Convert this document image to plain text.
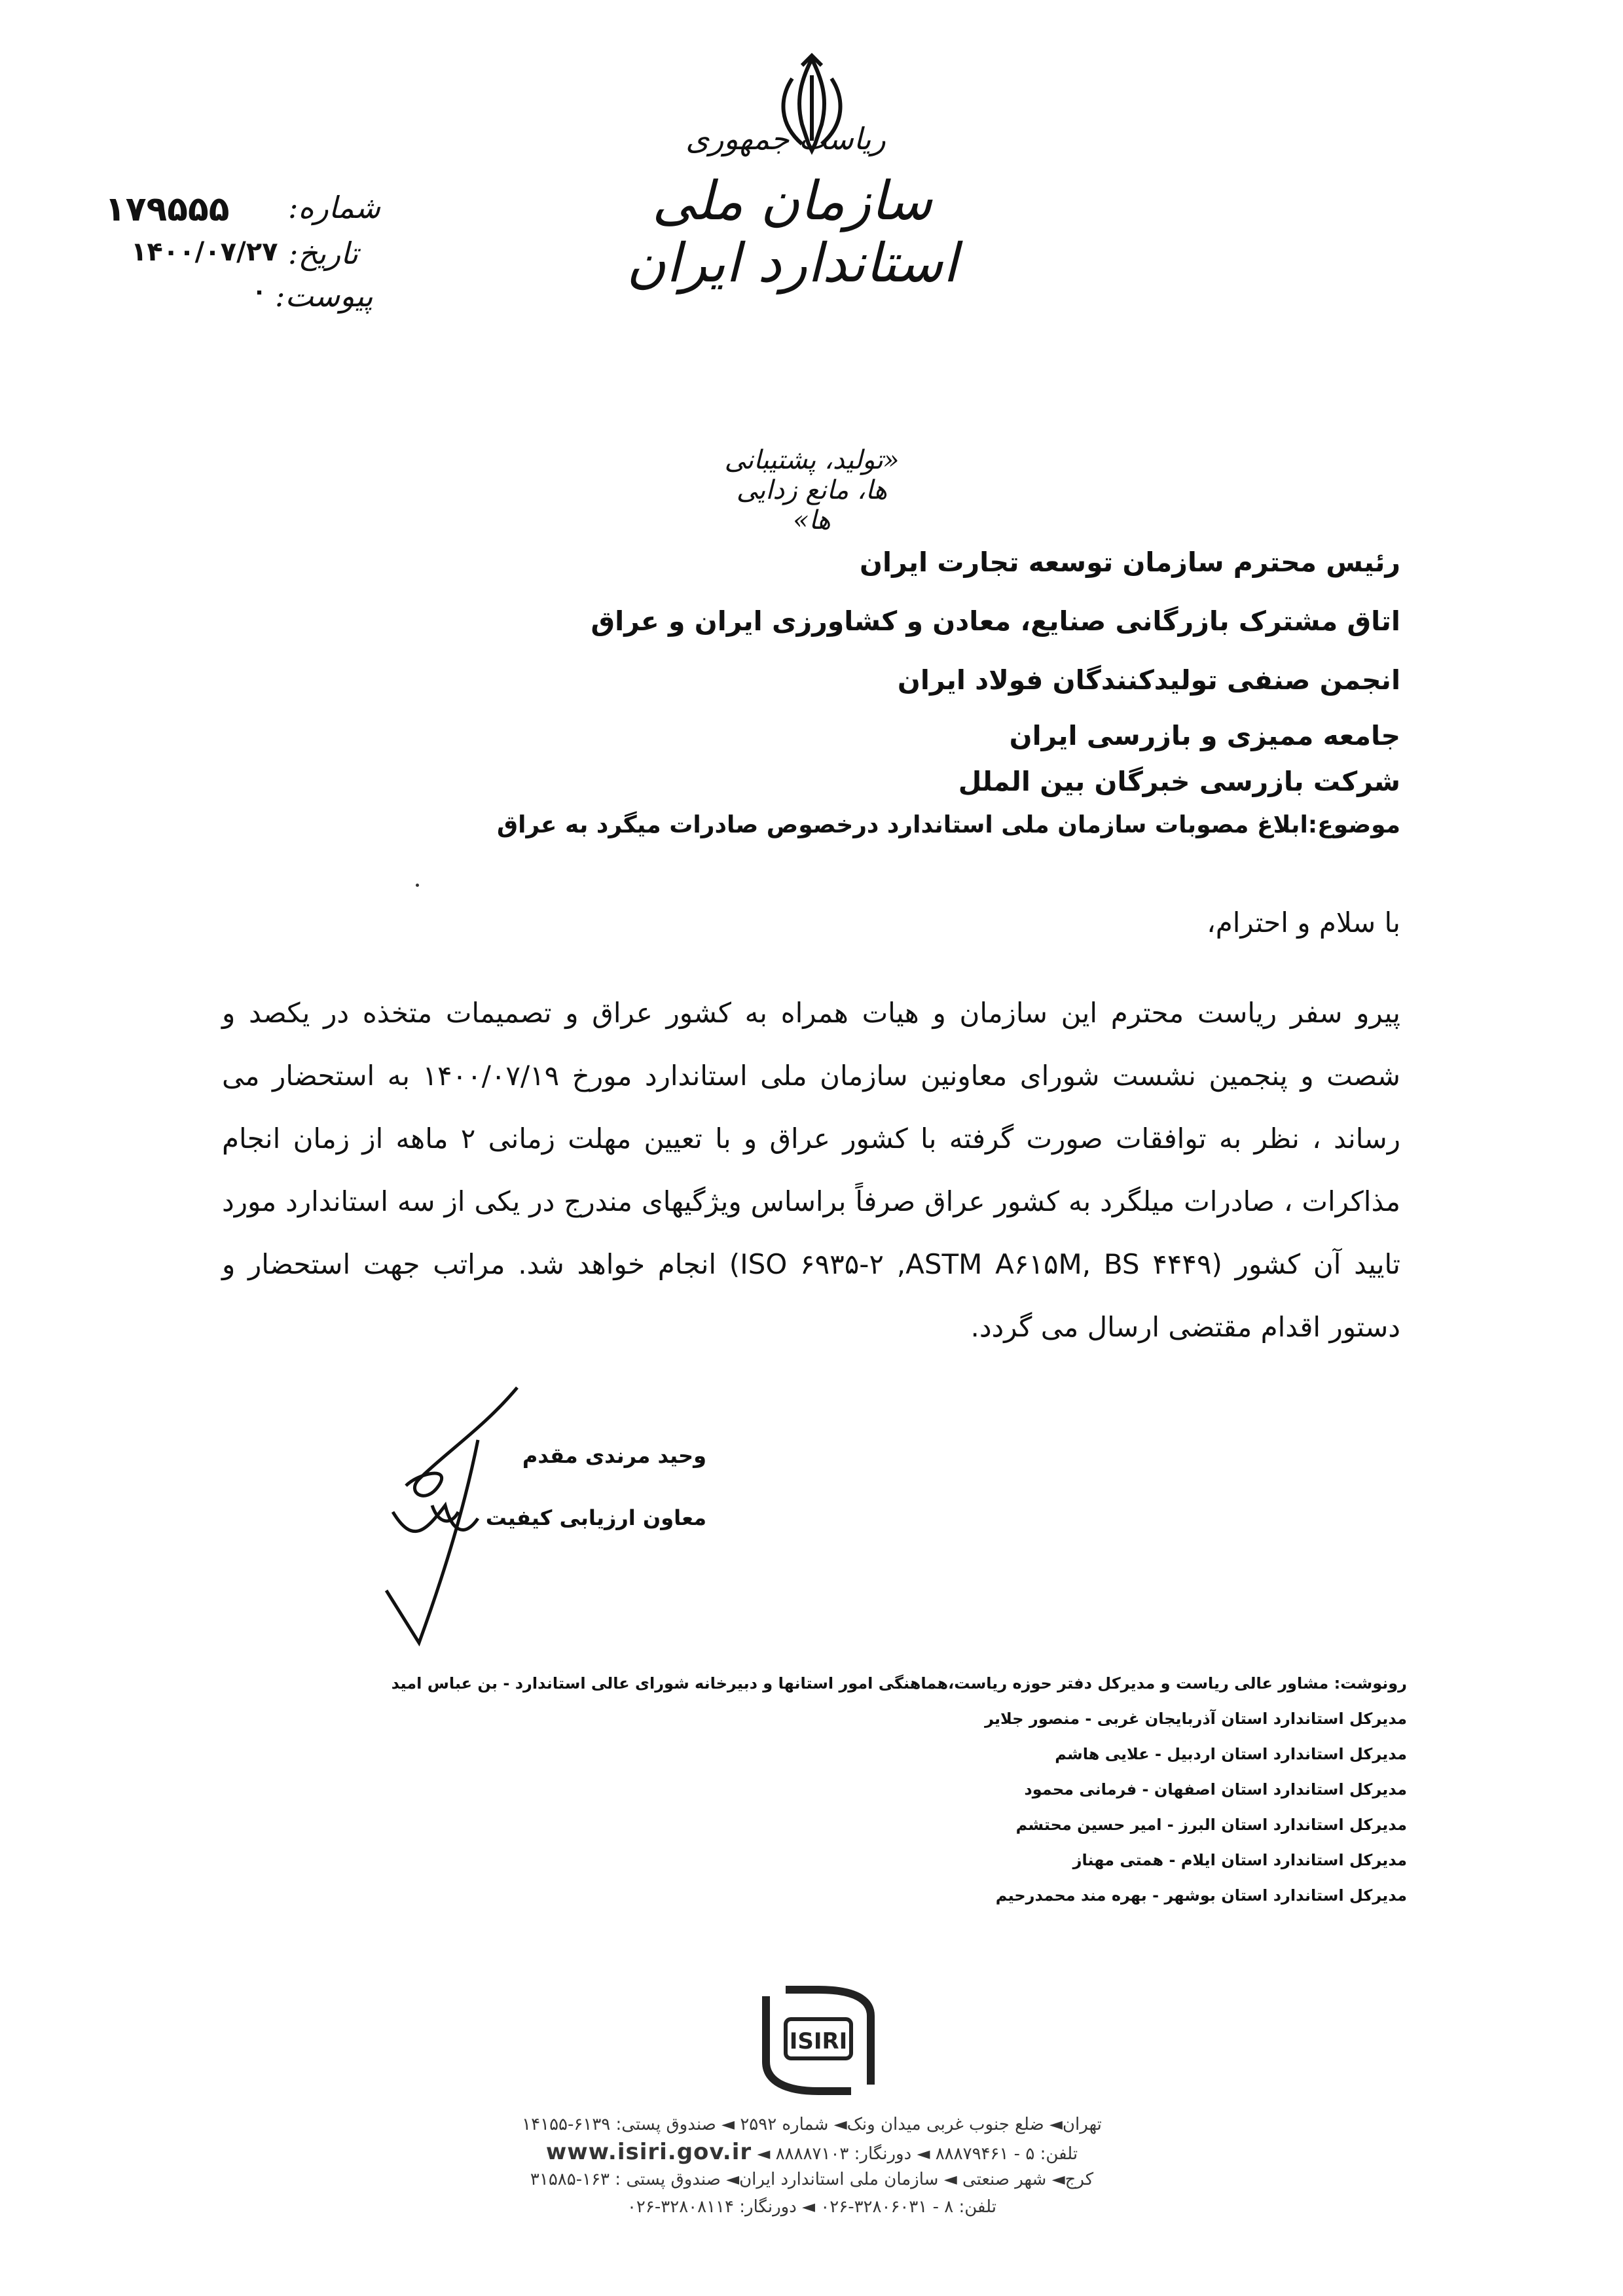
ریاست جمهوری
سازمان ملی استاندارد ایران
شماره:
۱۷۹۵۵۵
تاریخ:
۱۴۰۰/۰۷/۲۷
پیوست:
۰
«تولید، پشتیبانی ها، مانع زدایی ها»
رئیس محترم سازمان توسعه تجارت ایران
اتاق مشترک بازرگانی صنایع، معادن و کشاورزی ایران و عراق
انجمن صنفی تولیدکنندگان فولاد ایران
جامعه ممیزی و بازرسی ایران
شرکت بازرسی خبرگان بین الملل
موضوع:ابلاغ مصوبات سازمان ملی استاندارد درخصوص صادرات میگرد به عراق
با سلام و احترام،
پیرو سفر ریاست محترم این سازمان و هیات همراه به کشور عراق و تصمیمات متخذه در یکصد و شصت و پنجمین نشست شورای معاونین سازمان ملی استاندارد مورخ ۱۴۰۰/۰۷/۱۹ به استحضار می رساند ، نظر به توافقات صورت گرفته با کشور عراق و با تعیین مهلت زمانی ۲ ماهه از زمان انجام مذاکرات ، صادرات میلگرد به کشور عراق صرفاً براساس ویژگیهای مندرج در یکی از سه استاندارد مورد تایید آن کشور (ISO ۶۹۳۵-۲ ,ASTM A۶۱۵M, BS ۴۴۴۹) انجام خواهد شد. مراتب جهت استحضار و دستور اقدام مقتضی ارسال می گردد.
وحید مرندی مقدم
معاون ارزیابی کیفیت
رونوشت: مشاور عالی ریاست و مدیرکل دفتر حوزه ریاست،هماهنگی امور استانها و دبیرخانه شورای عالی استاندارد - بن عباس امید
مدیرکل استاندارد استان آذربایجان غربی - منصور جلایر
مدیرکل استاندارد استان اردبیل - علایی هاشم
مدیرکل استاندارد استان اصفهان - فرمانی محمود
مدیرکل استاندارد استان البرز - امیر حسین محتشم
مدیرکل استاندارد استان ایلام - همتی مهناز
مدیرکل استاندارد استان بوشهر - بهره مند محمدرحیم
ISIRI
تهران◄ ضلع جنوب غربی میدان ونک◄ شماره ۲۵۹۲ ◄ صندوق پستی: ۶۱۳۹-۱۴۱۵۵
تلفن: ۵ - ۸۸۸۷۹۴۶۱ ◄ دورنگار: ۸۸۸۸۷۱۰۳ ◄ www.isiri.gov.ir
کرج◄ شهر صنعتی ◄ سازمان ملی استاندارد ایران◄ صندوق پستی : ۱۶۳-۳۱۵۸۵
تلفن: ۸ - ۳۲۸۰۶۰۳۱-۰۲۶ ◄ دورنگار: ۳۲۸۰۸۱۱۴-۰۲۶
